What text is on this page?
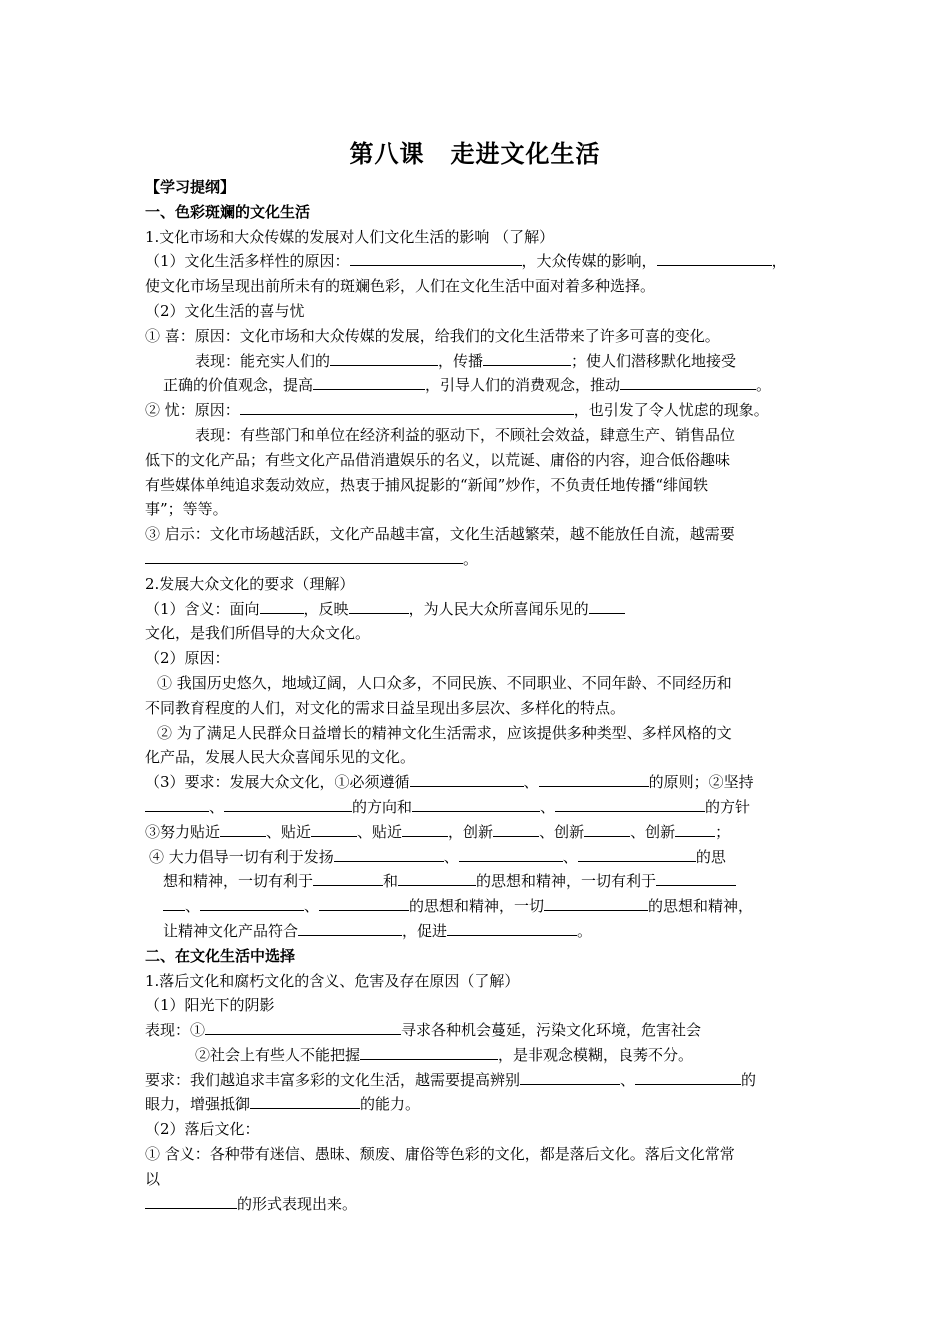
第八课 走进文化生活
【学习提纲】
一、色彩斑斓的文化生活
1.文化市场和大众传媒的发展对人们文化生活的影响 （了解）
（1）文化生活多样性的原因：	，大众传媒的影响，	，
使文化市场呈现出前所未有的斑斓色彩，人们在文化生活中面对着多种选择。
（2）文化生活的喜与忧
① 喜：原因：文化市场和大众传媒的发展，给我们的文化生活带来了许多可喜的变化。
表现：能充实人们的	，传播	；使人们潜移默化地接受
正确的价值观念，提高	，引导人们的消费观念，推动	。
② 忧：原因：	，也引发了令人忧虑的现象。
表现：有些部门和单位在经济利益的驱动下，不顾社会效益，肆意生产、销售品位
低下的文化产品；有些文化产品借消遣娱乐的名义，以荒诞、庸俗的内容，迎合低俗趣味
有些媒体单纯追求轰动效应，热衷于捕风捉影的“新闻”炒作，不负责任地传播“绯闻轶
事”；等等。
③ 启示：文化市场越活跃，文化产品越丰富，文化生活越繁荣，越不能放任自流，越需要
。
2.发展大众文化的要求（理解）
（1）含义：面向	，反映	，为人民大众所喜闻乐见的
文化，是我们所倡导的大众文化。
（2）原因：
① 我国历史悠久，地域辽阔，人口众多，不同民族、不同职业、不同年龄、不同经历和
不同教育程度的人们，对文化的需求日益呈现出多层次、多样化的特点。
② 为了满足人民群众日益增长的精神文化生活需求，应该提供多种类型、多样风格的文
化产品，发展人民大众喜闻乐见的文化。
（3）要求：发展大众文化，①必须遵循	、	的原则；②坚持
、	的方向和	、	的方针
③努力贴近	、贴近	、贴近	，创新	、创新	、创新	；
④ 大力倡导一切有利于发扬	、	、	的思
想和精神，一切有利于	和	的思想和精神，一切有利于
、	、	的思想和精神，一切	的思想和精神，
让精神文化产品符合	，促进	。
二、在文化生活中选择
1.落后文化和腐朽文化的含义、危害及存在原因（了解）
（1）阳光下的阴影
表现：①	寻求各种机会蔓延，污染文化环境，危害社会
②社会上有些人不能把握	，是非观念模糊，良莠不分。
要求：我们越追求丰富多彩的文化生活，越需要提高辨别	、	的
眼力，增强抵御	的能力。
（2）落后文化：
① 含义：各种带有迷信、愚昧、颓废、庸俗等色彩的文化，都是落后文化。落后文化常常
以
的形式表现出来。
